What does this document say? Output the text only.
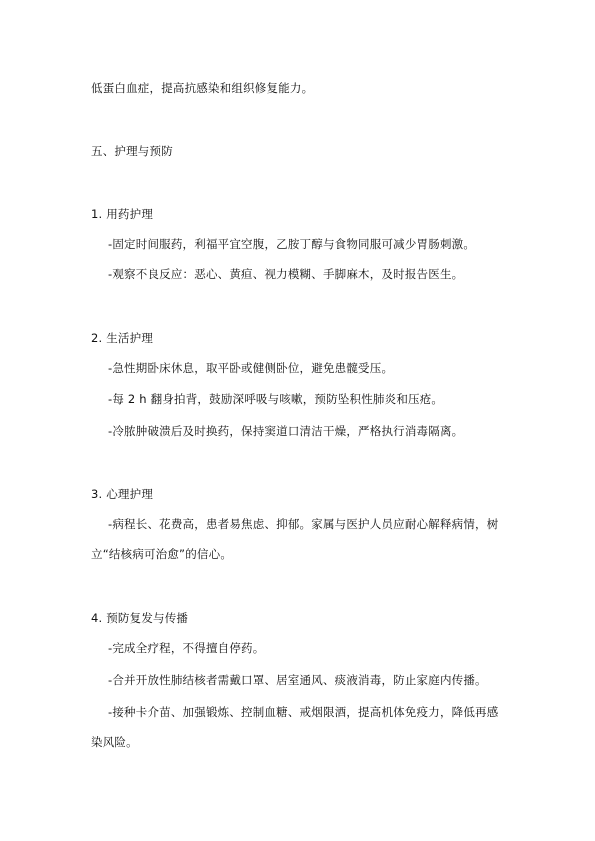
低蛋白血症，提高抗感染和组织修复能力。
五、护理与预防
1. 用药护理
-固定时间服药，利福平宜空腹，乙胺丁醇与食物同服可减少胃肠刺激。
-观察不良反应：恶心、黄疸、视力模糊、手脚麻木，及时报告医生。
2. 生活护理
-急性期卧床休息，取平卧或健侧卧位，避免患髋受压。
-每 2 h 翻身拍背，鼓励深呼吸与咳嗽，预防坠积性肺炎和压疮。
-冷脓肿破溃后及时换药，保持窦道口清洁干燥，严格执行消毒隔离。
3. 心理护理
-病程长、花费高，患者易焦虑、抑郁。家属与医护人员应耐心解释病情，树
立“结核病可治愈”的信心。
4. 预防复发与传播
-完成全疗程，不得擅自停药。
-合并开放性肺结核者需戴口罩、居室通风、痰液消毒，防止家庭内传播。
-接种卡介苗、加强锻炼、控制血糖、戒烟限酒，提高机体免疫力，降低再感
染风险。
